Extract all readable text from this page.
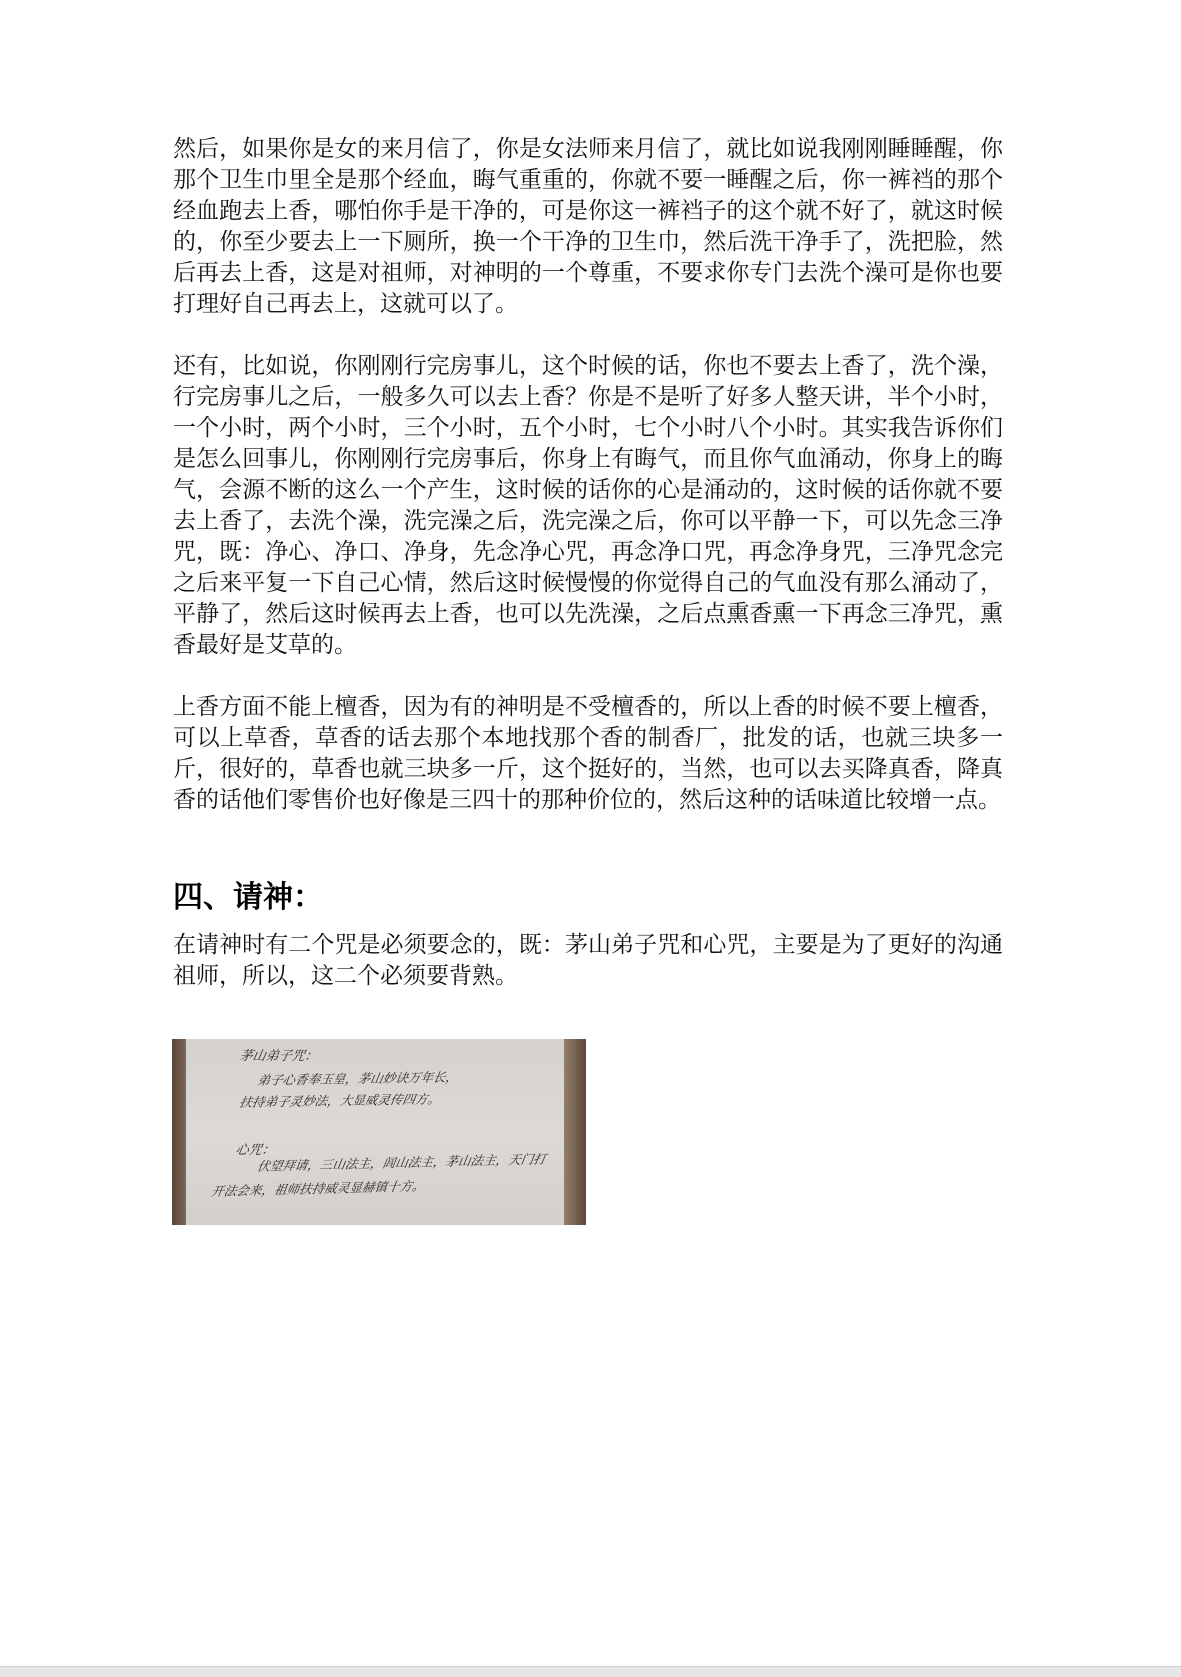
然后，如果你是女的来月信了，你是女法师来月信了，就比如说我刚刚睡睡醒，你那个卫生巾里全是那个经血，晦气重重的，你就不要一睡醒之后，你一裤裆的那个经血跑去上香，哪怕你手是干净的，可是你这一裤裆子的这个就不好了，就这时候的，你至少要去上一下厕所，换一个干净的卫生巾，然后洗干净手了，洗把脸，然后再去上香，这是对祖师，对神明的一个尊重，不要求你专门去洗个澡可是你也要打理好自己再去上，这就可以了。

还有，比如说，你刚刚行完房事儿，这个时候的话，你也不要去上香了，洗个澡，行完房事儿之后，一般多久可以去上香？你是不是听了好多人整天讲，半个小时，一个小时，两个小时，三个小时，五个小时，七个小时八个小时。其实我告诉你们是怎么回事儿，你刚刚行完房事后，你身上有晦气，而且你气血涌动，你身上的晦气，会源不断的这么一个产生，这时候的话你的心是涌动的，这时候的话你就不要去上香了，去洗个澡，洗完澡之后，洗完澡之后，你可以平静一下，可以先念三净咒，既：净心、净口、净身，先念净心咒，再念净口咒，再念净身咒，三净咒念完之后来平复一下自己心情，然后这时候慢慢的你觉得自己的气血没有那么涌动了，平静了，然后这时候再去上香，也可以先洗澡，之后点熏香熏一下再念三净咒，熏香最好是艾草的。

上香方面不能上檀香，因为有的神明是不受檀香的，所以上香的时候不要上檀香，可以上草香，草香的话去那个本地找那个香的制香厂，批发的话，也就三块多一斤，很好的，草香也就三块多一斤，这个挺好的，当然，也可以去买降真香，降真香的话他们零售价也好像是三四十的那种价位的，然后这种的话味道比较增一点。

四、请神：

在请神时有二个咒是必须要念的，既：茅山弟子咒和心咒，主要是为了更好的沟通祖师，所以，这二个必须要背熟。

茅山弟子咒：
弟子心香奉玉皇，茅山妙诀万年长，
扶持弟子灵妙法，大显威灵传四方。
心咒：
伏望拜请，三山法主，闾山法主，茅山法主，天门打
开法会来，祖师扶持威灵显赫镇十方。
